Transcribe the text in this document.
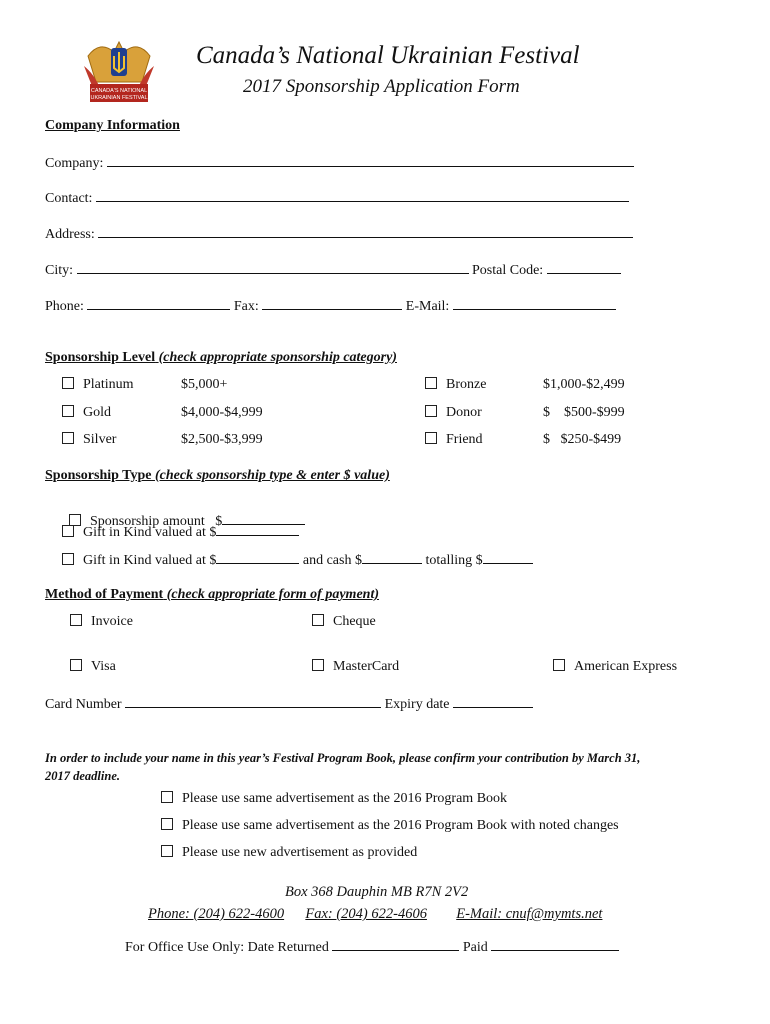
CANADA'S NATIONAL
UKRAINIAN FESTIVAL
Canada’s National Ukrainian Festival
2017 Sponsorship Application Form
Company Information
Company:
Contact:
Address:
City:	Postal Code:
Phone:	Fax:	E-Mail:
Sponsorship Level (check appropriate sponsorship category)
Platinum	$5,000+
Gold	$4,000-$4,999
Silver	$2,500-$3,999
Bronze	$1,000-$2,499
Donor	$    $500-$999
Friend	$   $250-$499
Sponsorship Type (check sponsorship type & enter $ value)

Sponsorship amount   $

Gift in Kind valued at $
Gift in Kind valued at $	and cash $	totalling $
Method of Payment (check appropriate form of payment)
Invoice	Cheque
Visa	MasterCard	American Express
Card Number	Expiry date
In order to include your name in this year’s Festival Program Book, please confirm your contribution by March 31, 2017 deadline.
Please use same advertisement as the 2016 Program Book
Please use same advertisement as the 2016 Program Book with noted changes
Please use new advertisement as provided
Box 368 Dauphin MB R7N 2V2
Phone: (204) 622-4600 Fax: (204) 622-4606 E-Mail: cnuf@mymts.net
For Office Use Only: Date Returned	Paid
